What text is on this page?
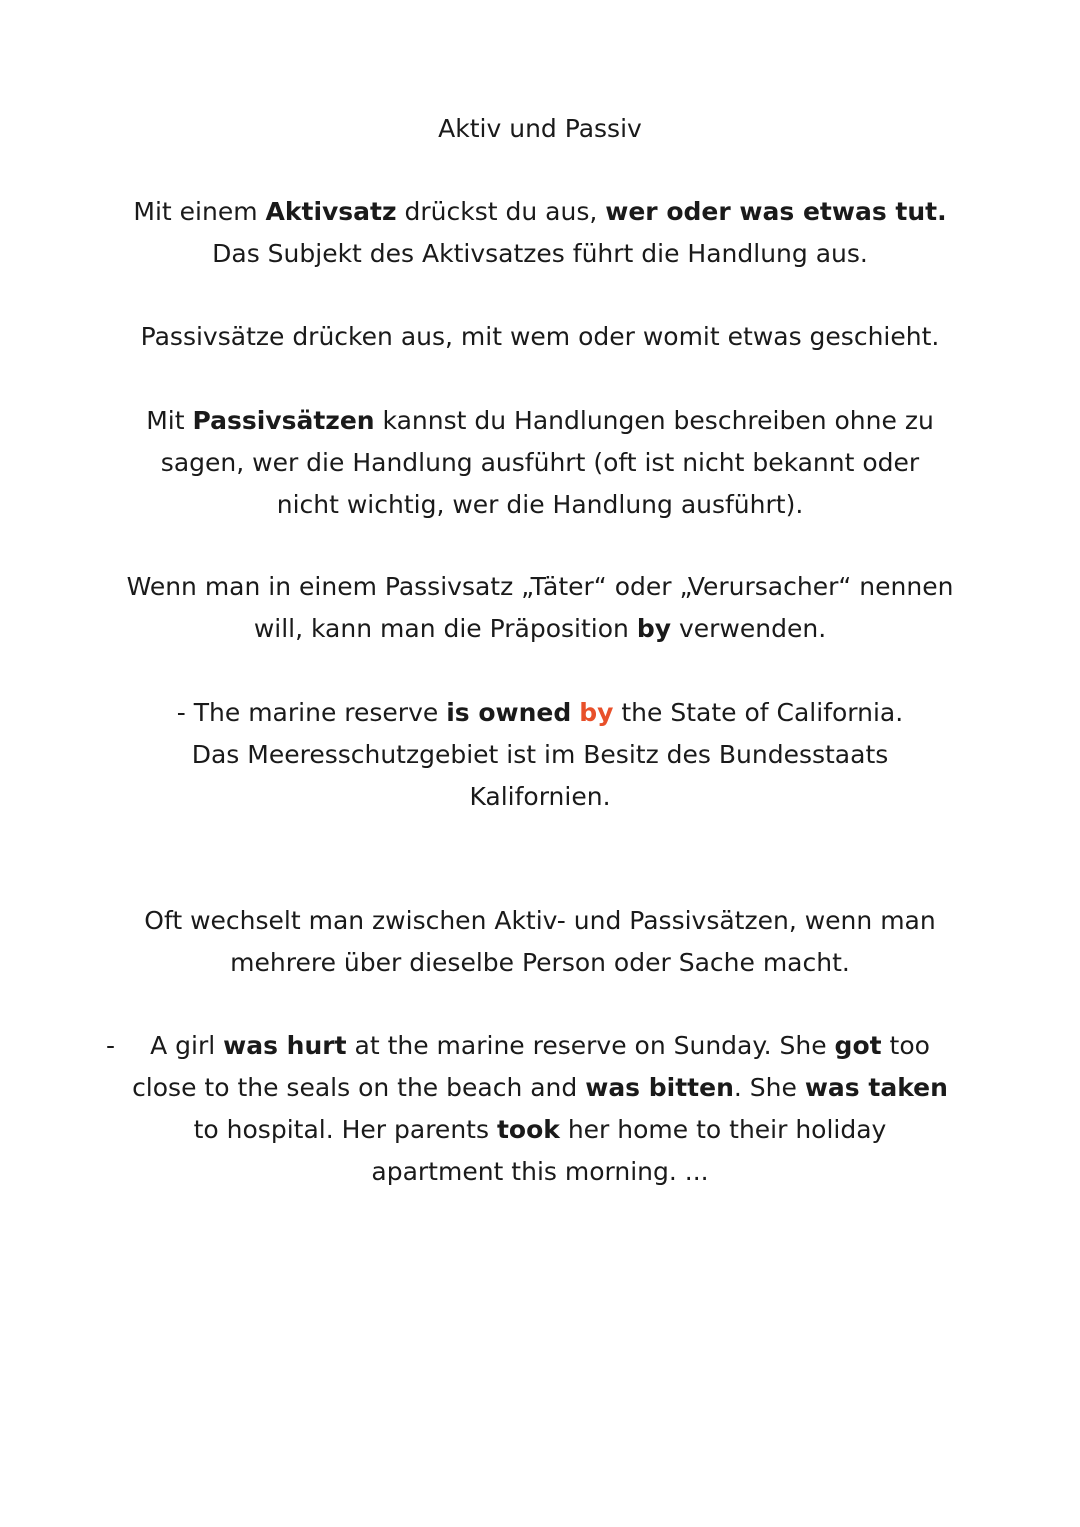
Aktiv und Passiv
Mit einem Aktivsatz drückst du aus, wer oder was etwas tut.
Das Subjekt des Aktivsatzes führt die Handlung aus.
Passivsätze drücken aus, mit wem oder womit etwas geschieht.
Mit Passivsätzen kannst du Handlungen beschreiben ohne zu
sagen, wer die Handlung ausführt (oft ist nicht bekannt oder
nicht wichtig, wer die Handlung ausführt).
Wenn man in einem Passivsatz „Täter“ oder „Verursacher“ nennen
will, kann man die Präposition by verwenden.
- The marine reserve is owned by the State of California.
Das Meeresschutzgebiet ist im Besitz des Bundesstaats
Kalifornien.
Oft wechselt man zwischen Aktiv- und Passivsätzen, wenn man
mehrere über dieselbe Person oder Sache macht.
-	A girl was hurt at the marine reserve on Sunday. She got too
close to the seals on the beach and was bitten. She was taken
to hospital. Her parents took her home to their holiday
apartment this morning. ...
